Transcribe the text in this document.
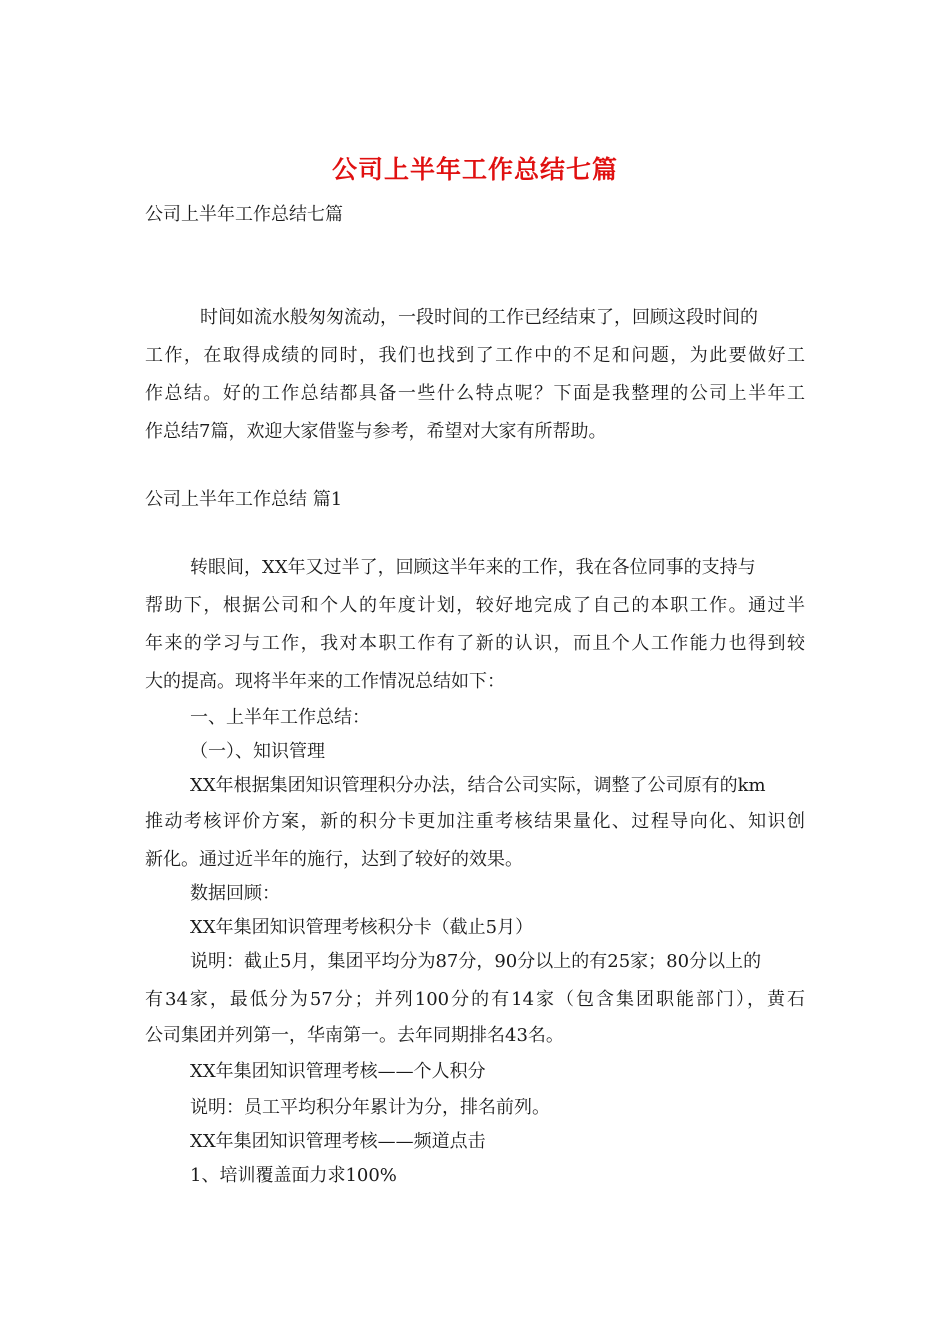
公司上半年工作总结七篇
公司上半年工作总结七篇
时间如流水般匆匆流动，一段时间的工作已经结束了，回顾这段时间的
工作，在取得成绩的同时，我们也找到了工作中的不足和问题，为此要做好工
作总结。好的工作总结都具备一些什么特点呢？下面是我整理的公司上半年工
作总结7篇，欢迎大家借鉴与参考，希望对大家有所帮助。
公司上半年工作总结 篇1
转眼间，XX年又过半了，回顾这半年来的工作，我在各位同事的支持与
帮助下，根据公司和个人的年度计划，较好地完成了自己的本职工作。通过半
年来的学习与工作，我对本职工作有了新的认识，而且个人工作能力也得到较
大的提高。现将半年来的工作情况总结如下：
一、上半年工作总结：
（一）、知识管理
XX年根据集团知识管理积分办法，结合公司实际，调整了公司原有的km
推动考核评价方案，新的积分卡更加注重考核结果量化、过程导向化、知识创
新化。通过近半年的施行，达到了较好的效果。
数据回顾：
XX年集团知识管理考核积分卡（截止5月）
说明：截止5月，集团平均分为87分，90分以上的有25家；80分以上的
有34家，最低分为57分；并列100分的有14家（包含集团职能部门），黄石
公司集团并列第一，华南第一。去年同期排名43名。
XX年集团知识管理考核——个人积分
说明：员工平均积分年累计为分，排名前列。
XX年集团知识管理考核——频道点击
1、培训覆盖面力求100%
